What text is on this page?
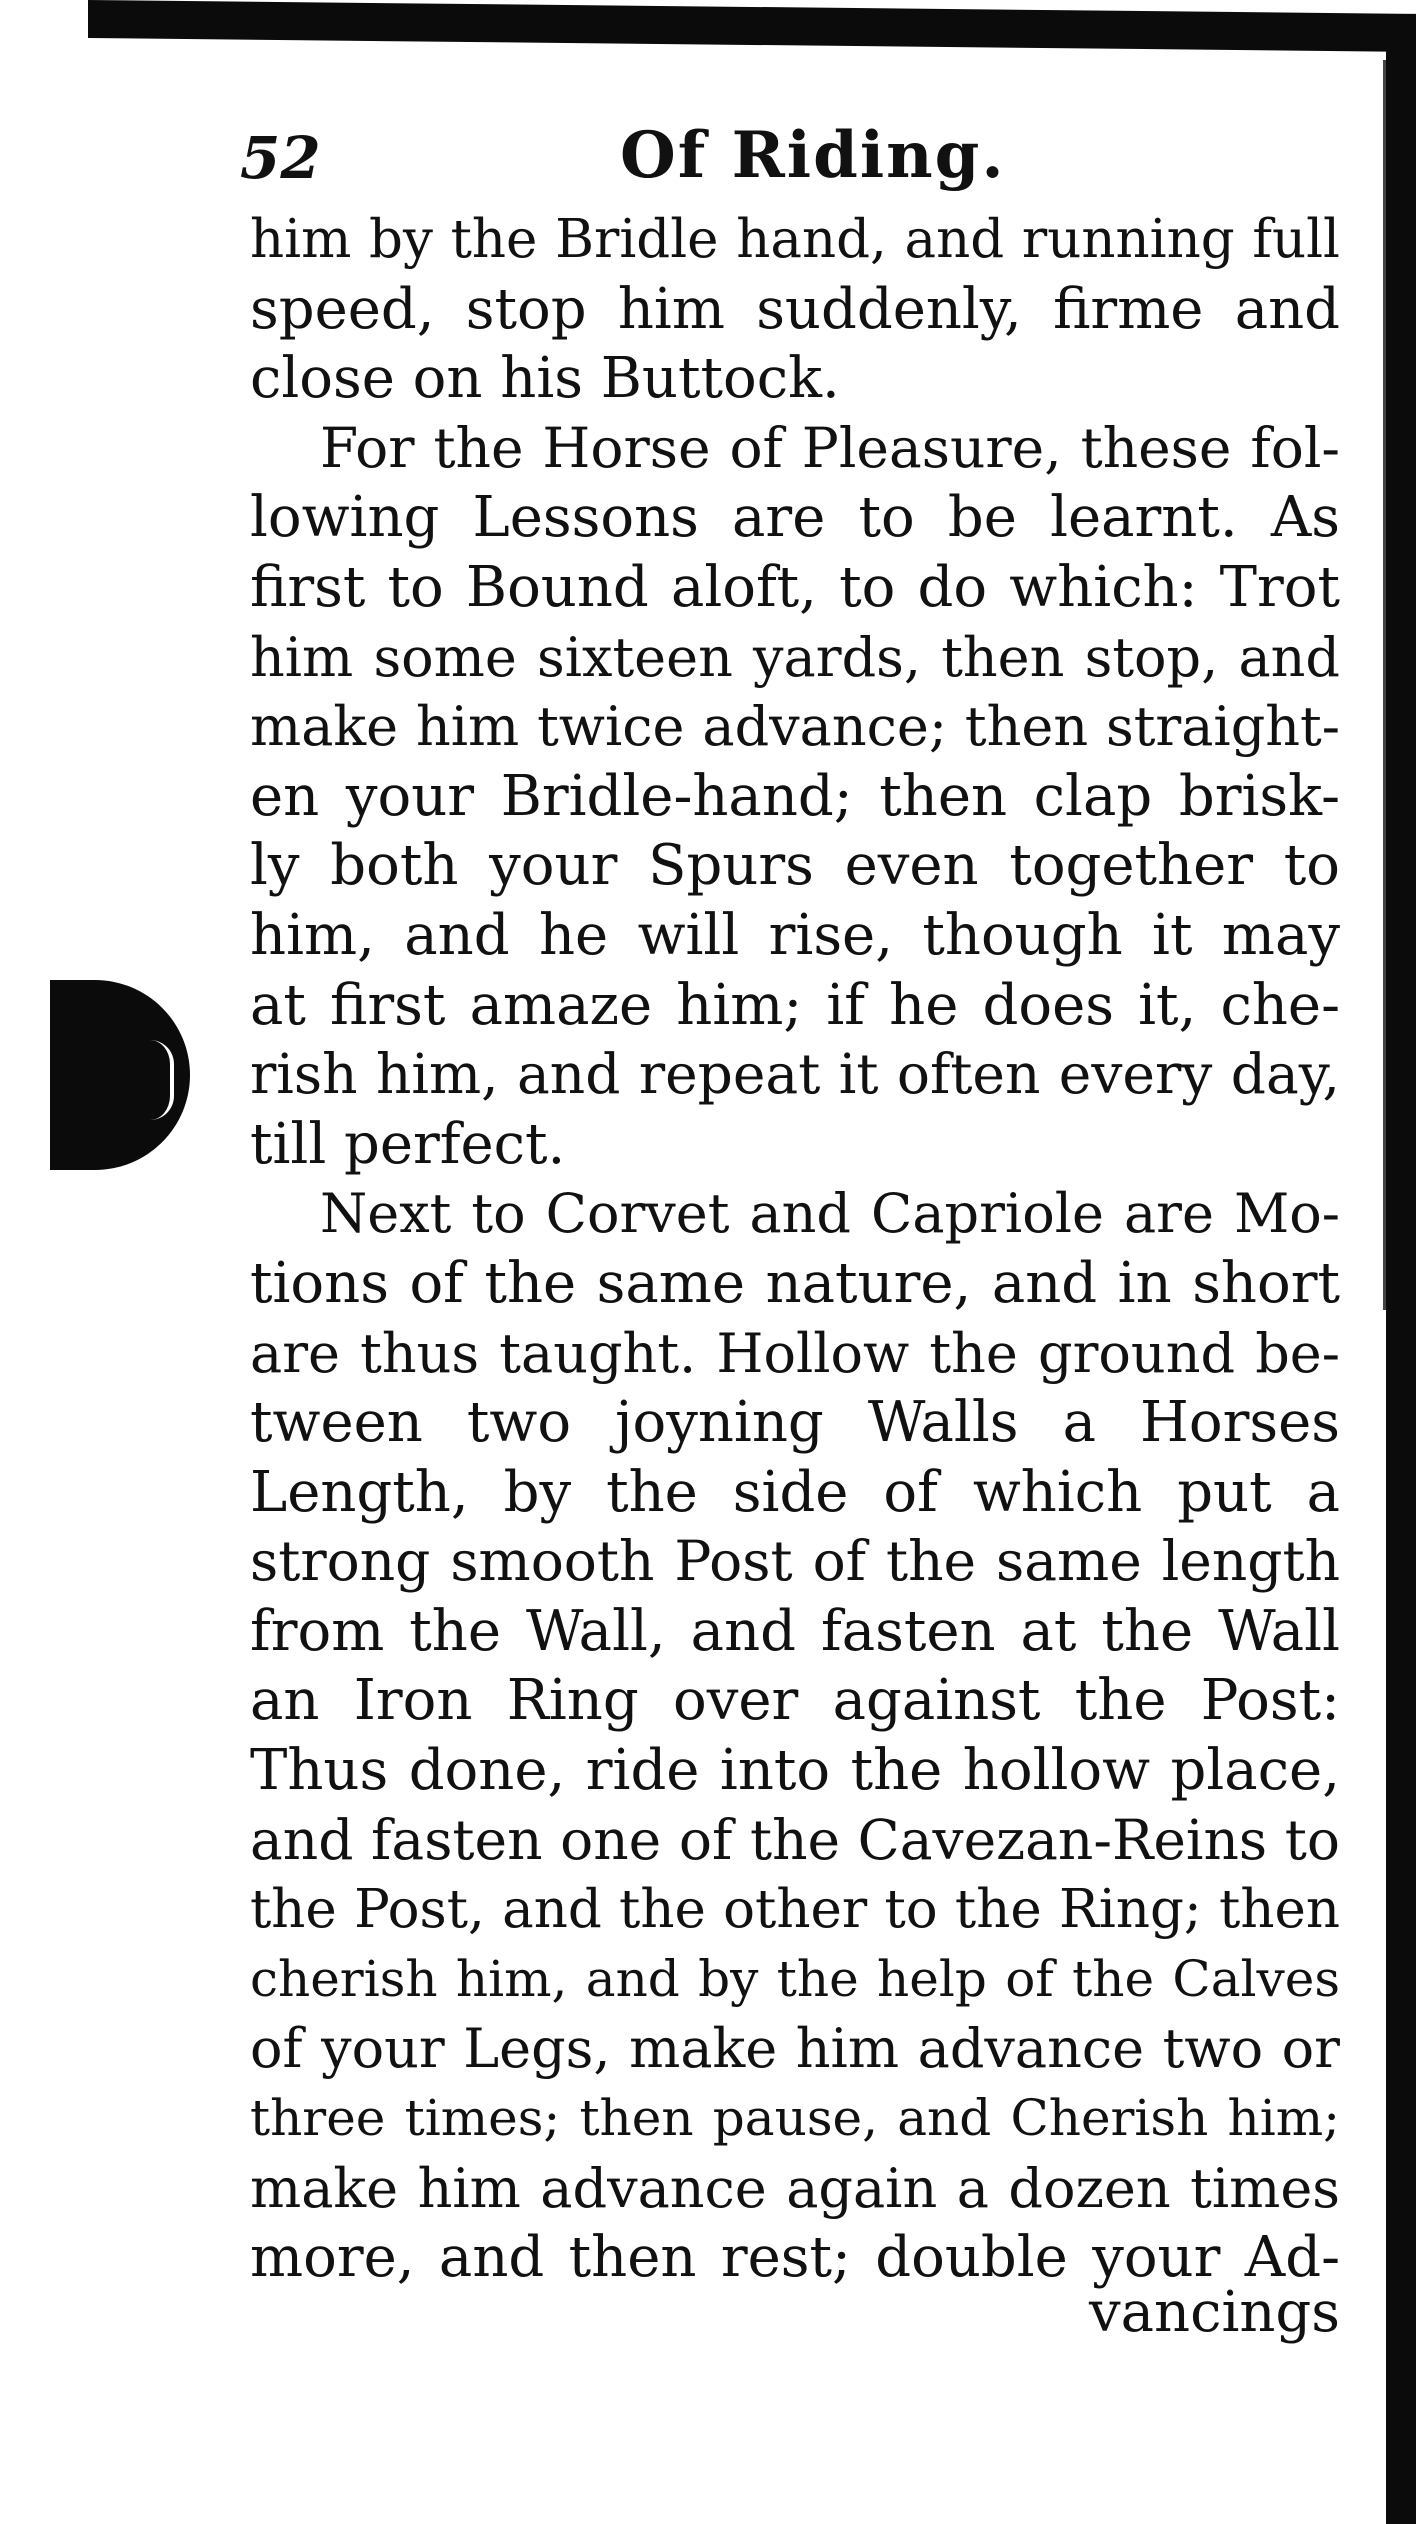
52	Of Riding.
him by the Bridle hand, and running full
speed, stop him suddenly, firme and
close on his Buttock.
For the Horse of Pleasure, these fol-
lowing Lessons are to be learnt. As
first to Bound aloft, to do which: Trot
him some sixteen yards, then stop, and
make him twice advance; then straight-
en your Bridle-hand; then clap brisk-
ly both your Spurs even together to
him, and he will rise, though it may
at first amaze him; if he does it, che-
rish him, and repeat it often every day,
till perfect.
Next to Corvet and Capriole are Mo-
tions of the same nature, and in short
are thus taught. Hollow the ground be-
tween two joyning Walls a Horses
Length, by the side of which put a
strong smooth Post of the same length
from the Wall, and fasten at the Wall
an Iron Ring over against the Post:
Thus done, ride into the hollow place,
and fasten one of the Cavezan-Reins to
the Post, and the other to the Ring; then
cherish him, and by the help of the Calves
of your Legs, make him advance two or
three times; then pause, and Cherish him;
make him advance again a dozen times
more, and then rest; double your Ad-
vancings
